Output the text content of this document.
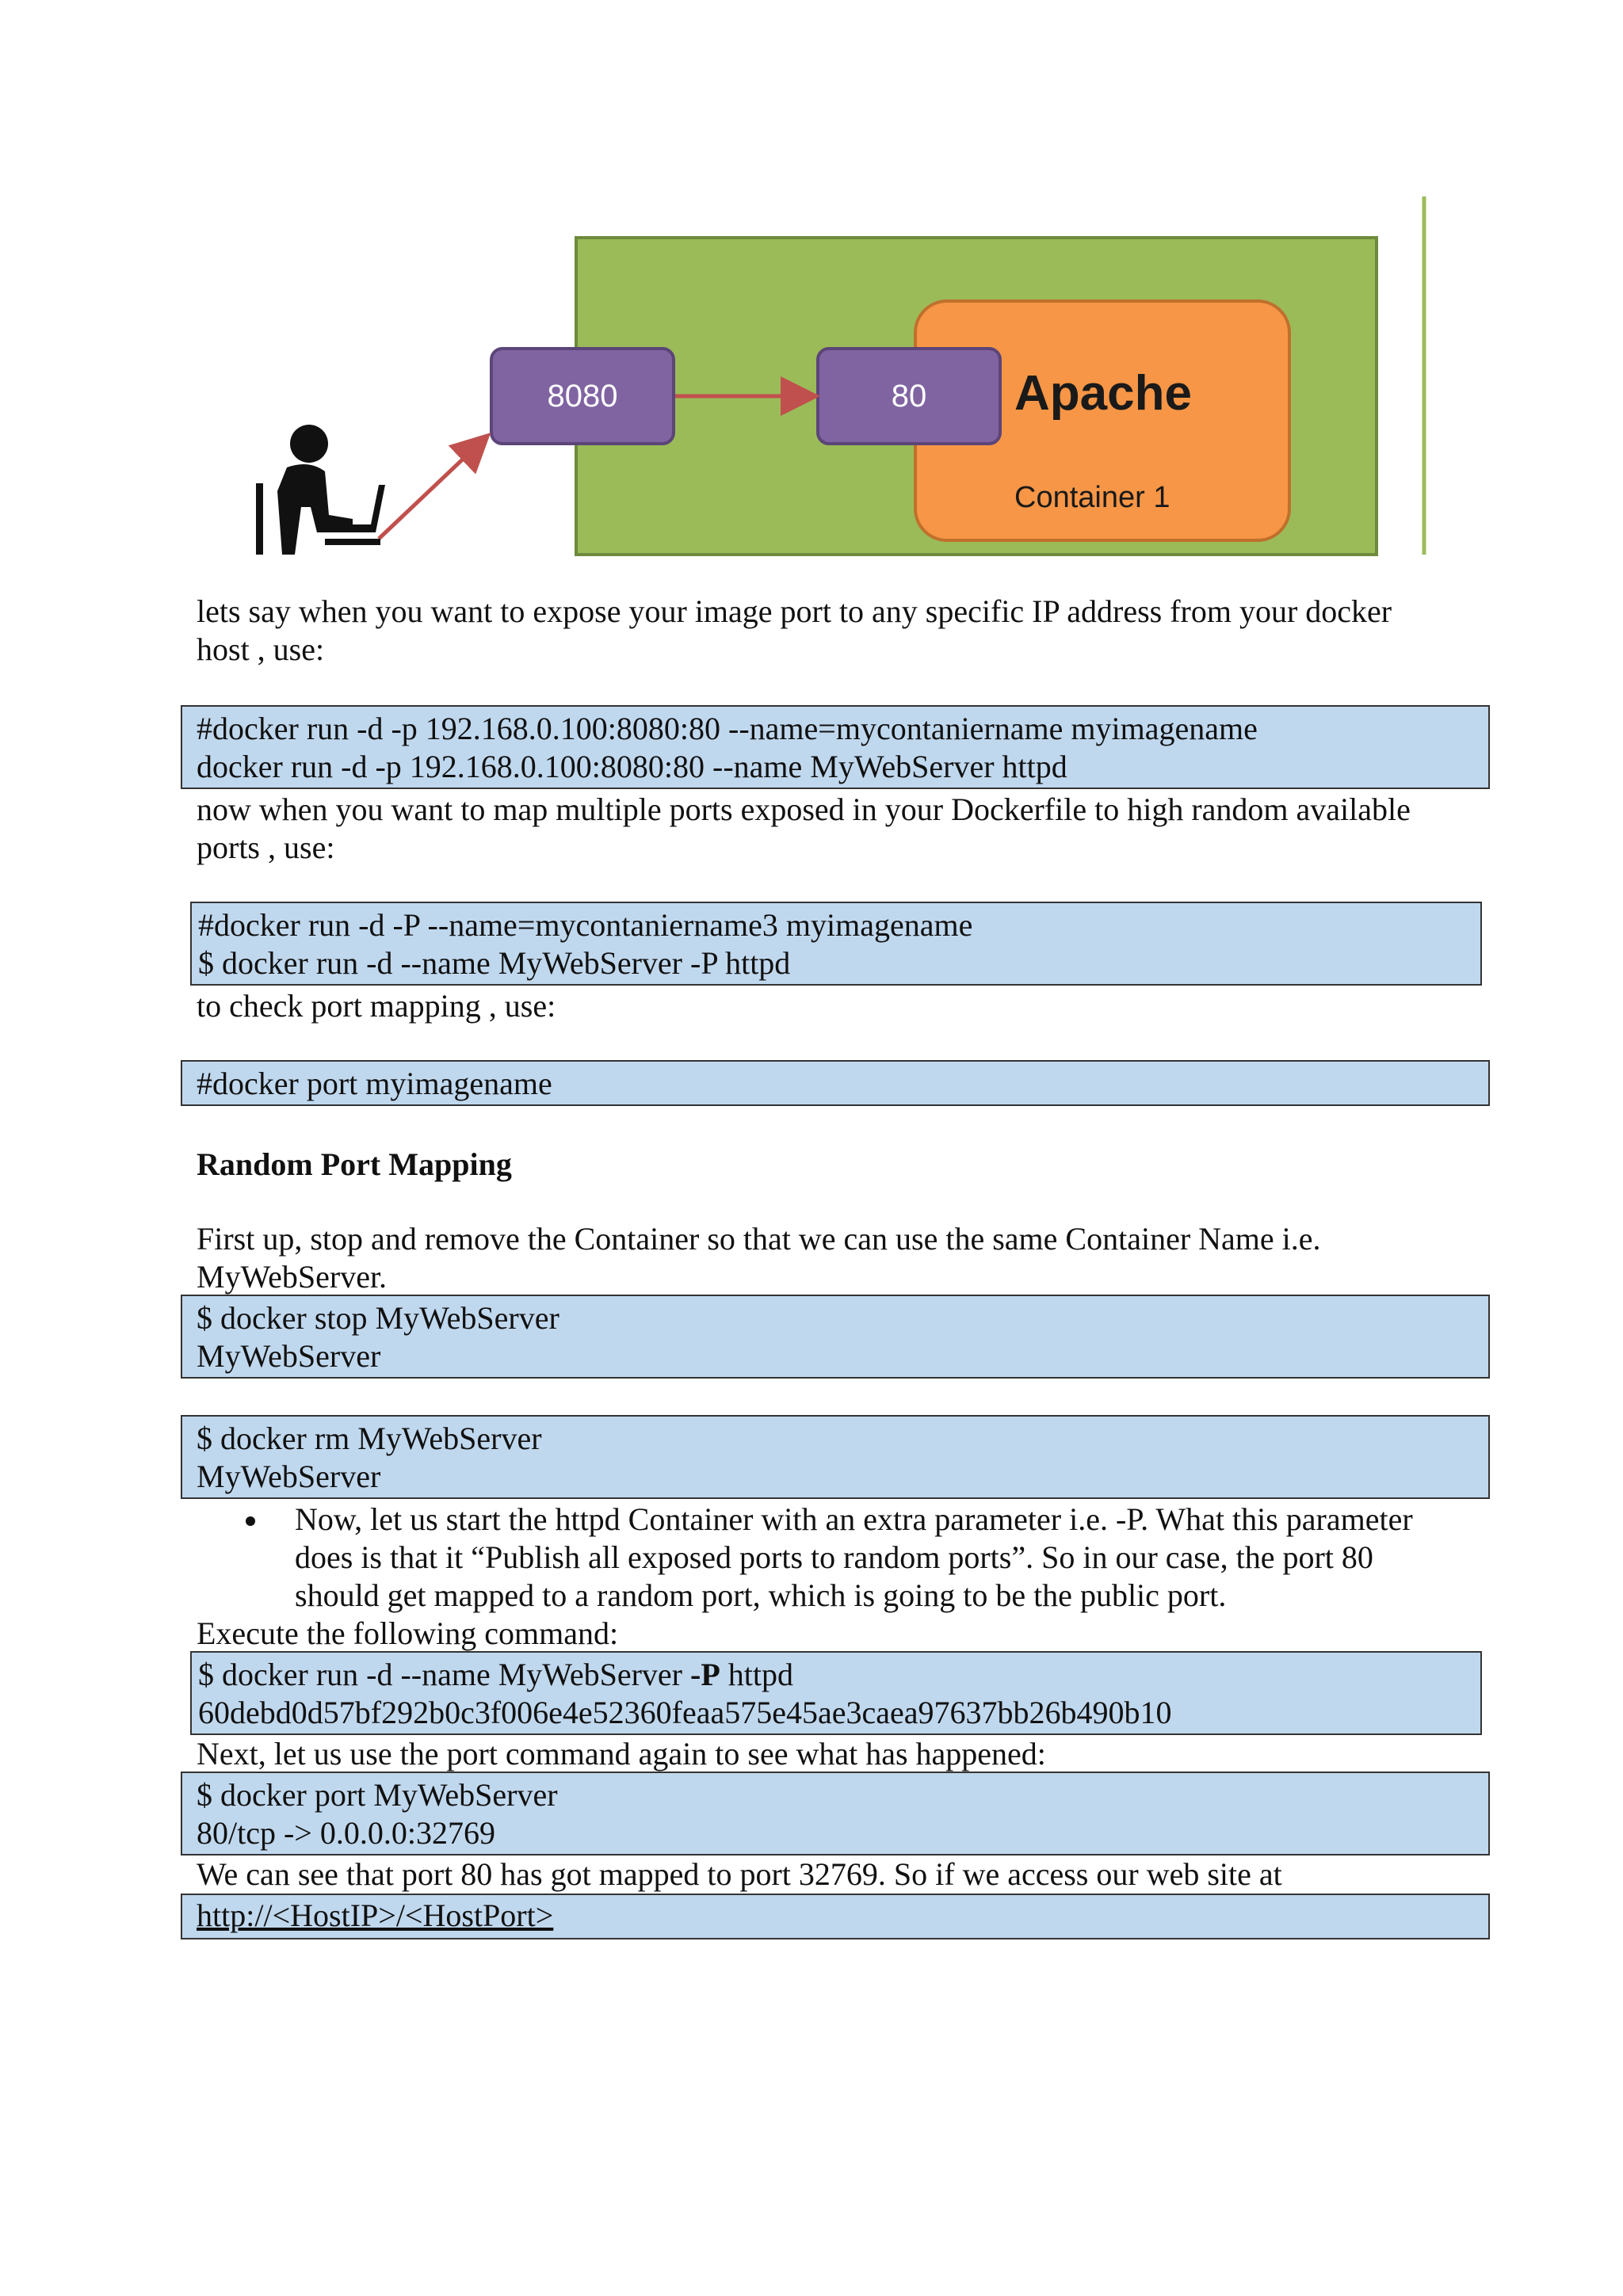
8080	80	Apache
Container 1
lets say when you want to expose your image port to any specific IP address from your docker
host , use:
#docker run -d -p 192.168.0.100:8080:80 --name=mycontaniername myimagename
docker run -d -p 192.168.0.100:8080:80 --name MyWebServer httpd
now when you want to map multiple ports exposed in your Dockerfile to high random available
ports , use:
#docker run -d -P --name=mycontaniername3 myimagename
$ docker run -d --name MyWebServer -P httpd
to check port mapping , use:
#docker port myimagename
Random Port Mapping
First up, stop and remove the Container so that we can use the same Container Name i.e.
MyWebServer.
$ docker stop MyWebServer
MyWebServer
$ docker rm MyWebServer
MyWebServer
Now, let us start the httpd Container with an extra parameter i.e. -P. What this parameter
does is that it “Publish all exposed ports to random ports”. So in our case, the port 80
should get mapped to a random port, which is going to be the public port.
Execute the following command:
$ docker run -d --name MyWebServer -P httpd
60debd0d57bf292b0c3f006e4e52360feaa575e45ae3caea97637bb26b490b10
Next, let us use the port command again to see what has happened:
$ docker port MyWebServer
80/tcp -> 0.0.0.0:32769
We can see that port 80 has got mapped to port 32769. So if we access our web site at
http://<HostIP>/<HostPort>
